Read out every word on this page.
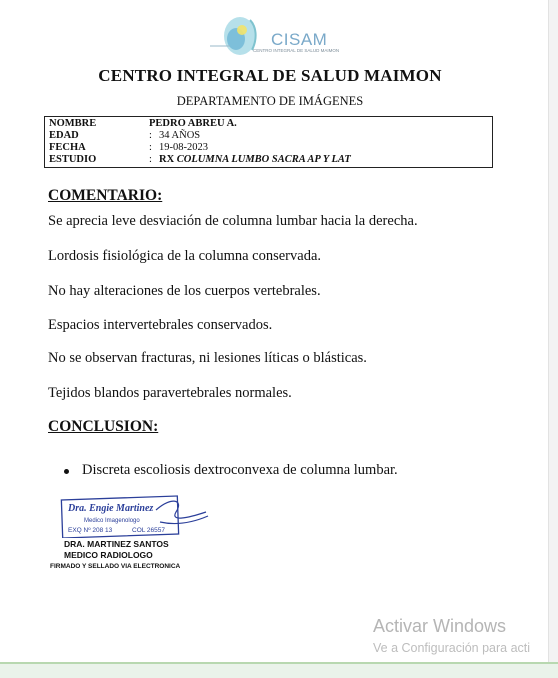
CISAM
CENTRO INTEGRAL DE SALUD MAIMON
CENTRO INTEGRAL DE SALUD MAIMON
DEPARTAMENTO DE IMÁGENES
NOMBRE	PEDRO ABREU A.
EDAD	: 34 AÑOS
FECHA	: 19-08-2023
ESTUDIO	: RX COLUMNA LUMBO SACRA AP Y LAT
COMENTARIO:
Se aprecia leve desviación de columna lumbar hacia la derecha.
Lordosis fisiológica de la columna conservada.
No hay alteraciones de los cuerpos vertebrales.
Espacios intervertebrales conservados.
No se observan fracturas, ni lesiones líticas o blásticas.
Tejidos blandos paravertebrales normales.
CONCLUSION:
Discreta escoliosis dextroconvexa de columna lumbar.
Dra. Engie Martinez
Medico Imagenologo
EXQ Nº 208 13	COL 26557
DRA. MARTINEZ SANTOS
MEDICO RADIOLOGO
FIRMADO Y SELLADO VIA ELECTRONICA
Activar Windows
Ve a Configuración para acti
